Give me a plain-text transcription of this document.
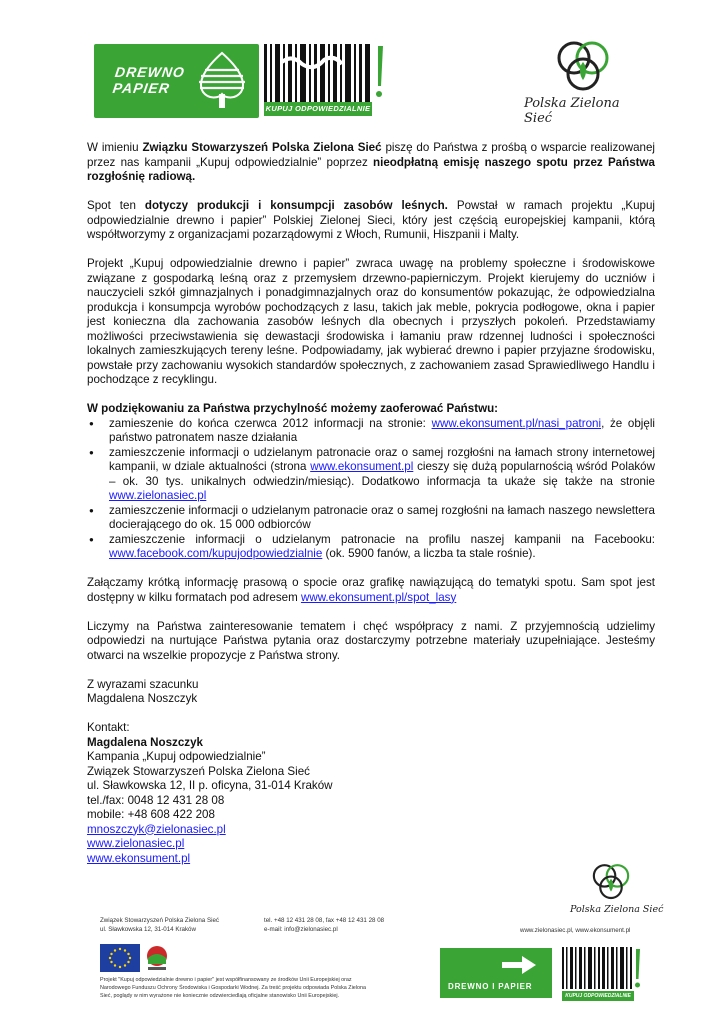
DREWNO
PAPIER
KUPUJ ODPOWIEDZIALNIE	Polska Zielona Sieć

W imieniu Związku Stowarzyszeń Polska Zielona Sieć piszę do Państwa z prośbą o wsparcie realizowanej przez nas kampanii „Kupuj odpowiedzialnie” poprzez nieodpłatną emisję naszego spotu przez Państwa rozgłośnię radiową.

Spot ten dotyczy produkcji i konsumpcji zasobów leśnych. Powstał w ramach projektu „Kupuj odpowiedzialnie drewno i papier” Polskiej Zielonej Sieci, który jest częścią europejskiej kampanii, którą współtworzymy z organizacjami pozarządowymi z Włoch, Rumunii, Hiszpanii i Malty.

Projekt „Kupuj odpowiedzialnie drewno i papier” zwraca uwagę na problemy społeczne i środowiskowe związane z gospodarką leśną oraz z przemysłem drzewno-papierniczym. Projekt kierujemy do uczniów i nauczycieli szkół gimnazjalnych i ponadgimnazjalnych oraz do konsumentów pokazując, że odpowiedzialna produkcja i konsumpcja wyrobów pochodzących z lasu, takich jak meble, pokrycia podłogowe, okna i papier jest konieczna dla zachowania zasobów leśnych dla obecnych i przyszłych pokoleń. Przedstawiamy możliwości przeciwstawienia się dewastacji środowiska i łamaniu praw rdzennej ludności i społeczności lokalnych zamieszkujących tereny leśne. Podpowiadamy, jak wybierać drewno i papier przyjazne środowisku, powstałe przy zachowaniu wysokich standardów społecznych, z zachowaniem zasad Sprawiedliwego Handlu i pochodzące z recyklingu.

W podziękowaniu za Państwa przychylność możemy zaoferować Państwu:
● zamieszenie do końca czerwca 2012 informacji na stronie: www.ekonsument.pl/nasi_patroni, że objęli państwo patronatem nasze działania
● zamieszczenie informacji o udzielanym patronacie oraz o samej rozgłośni na łamach strony internetowej kampanii, w dziale aktualności (strona www.ekonsument.pl cieszy się dużą popularnością wśród Polaków – ok. 30 tys. unikalnych odwiedzin/miesiąc). Dodatkowo informacja ta ukaże się także na stronie www.zielonasiec.pl
● zamieszczenie informacji o udzielanym patronacie oraz o samej rozgłośni na łamach naszego newslettera docierającego do ok. 15 000 odbiorców
● zamieszczenie informacji o udzielanym patronacie na profilu naszej kampanii na Facebooku: www.facebook.com/kupujodpowiedzialnie (ok. 5900 fanów, a liczba ta stale rośnie).

Załączamy krótką informację prasową o spocie oraz grafikę nawiązującą do tematyki spotu. Sam spot jest dostępny w kilku formatach pod adresem www.ekonsument.pl/spot_lasy

Liczymy na Państwa zainteresowanie tematem i chęć współpracy z nami. Z przyjemnością udzielimy odpowiedzi na nurtujące Państwa pytania oraz dostarczymy potrzebne materiały uzupełniające. Jesteśmy otwarci na wszelkie propozycje z Państwa strony.

Z wyrazami szacunku
Magdalena Noszczyk

Kontakt:

Magdalena Noszczyk

Kampania „Kupuj odpowiedzialnie”

Związek Stowarzyszeń Polska Zielona Sieć

ul. Sławkowska 12, II p. oficyna, 31-014 Kraków

tel./fax: 0048 12 431 28 08

mobile: +48 608 422 208

mnoszczyk@zielonasiec.pl

www.zielonasiec.pl

www.ekonsument.pl

Polska Zielona Sieć
Związek Stowarzyszeń Polska Zielona Sieć
ul. Sławkowska 12, 31-014 Kraków
tel. +48 12 431 28 08, fax +48 12 431 28 08
e-mail: info@zielonasiec.pl	www.zielonasiec.pl, www.ekonsument.pl
Projekt "Kupuj odpowiedzialnie drewno i papier" jest współfinansowany ze środków Unii Europejskiej oraz
Narodowego Funduszu Ochrony Środowiska i Gospodarki Wodnej. Za treść projektu odpowiada Polska Zielona
Sieć, poglądy w nim wyrażone nie koniecznie odzwierciedlają oficjalne stanowisko Unii Europejskiej.
DREWNO I PAPIER
KUPUJ ODPOWIEDZIALNIE
